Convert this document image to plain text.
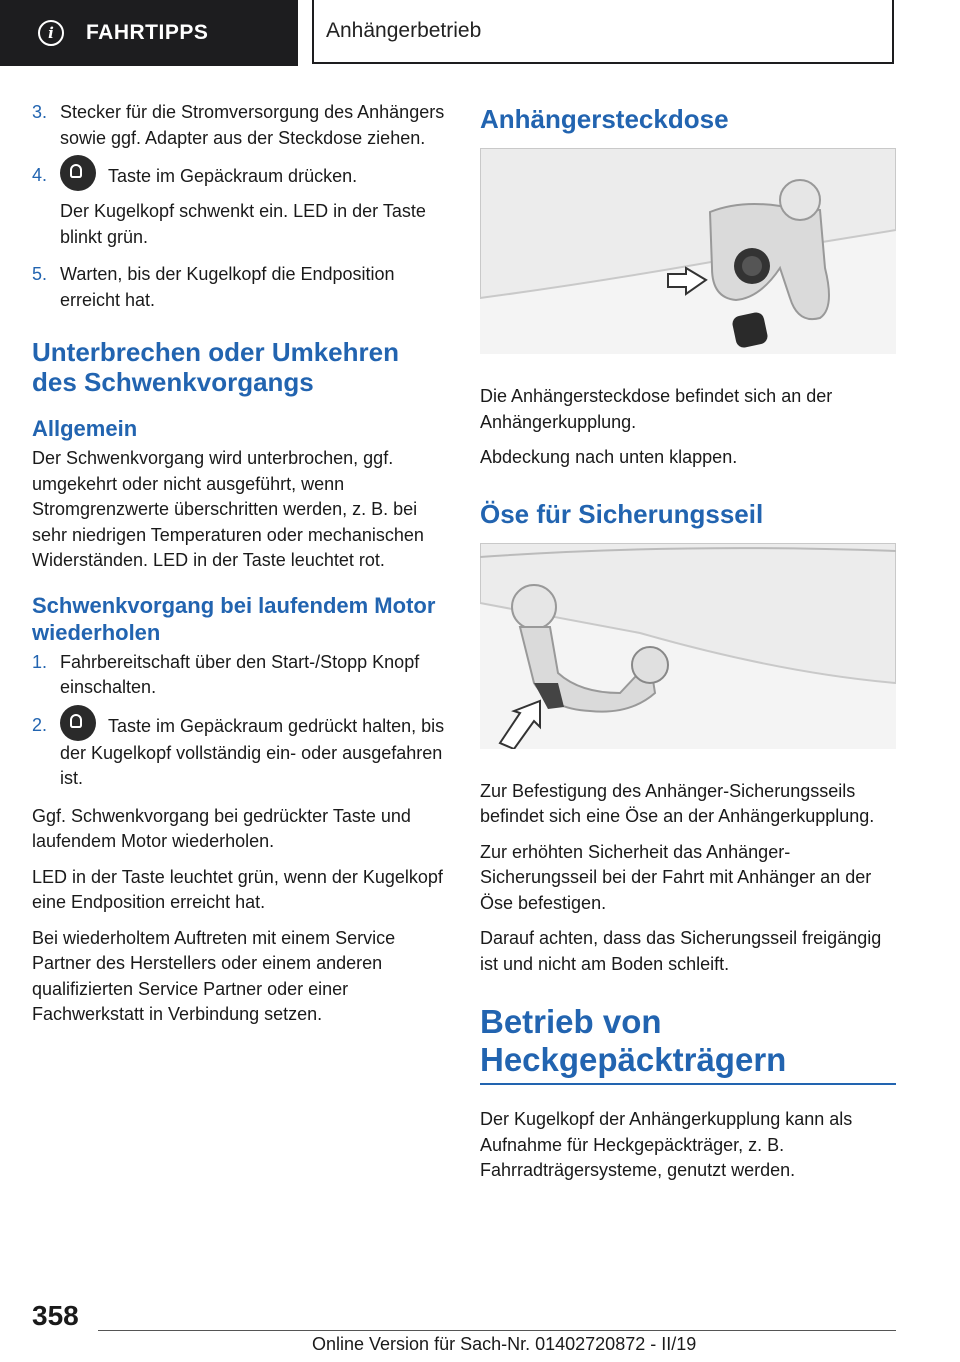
i	FAHRTIPPS	Anhängerbetrieb
3. Stecker für die Stromversorgung des Anhängers sowie ggf. Adapter aus der Steckdose ziehen.
4.	Taste im Gepäckraum drücken.
Der Kugelkopf schwenkt ein. LED in der Taste blinkt grün.
5. Warten, bis der Kugelkopf die Endposition erreicht hat.
Unterbrechen oder Umkehren des Schwenkvorgangs
Allgemein

Der Schwenkvorgang wird unterbrochen, ggf. umgekehrt oder nicht ausgeführt, wenn Stromgrenzwerte überschritten werden, z. B. bei sehr niedrigen Temperaturen oder mechanischen Widerständen. LED in der Taste leuchtet rot.

Schwenkvorgang bei laufendem Motor wiederholen
1. Fahrbereitschaft über den Start-/Stopp Knopf einschalten.
2.	Taste im Gepäckraum gedrückt halten, bis der Kugelkopf vollständig ein- oder ausgefahren ist.

Ggf. Schwenkvorgang bei gedrückter Taste und laufendem Motor wiederholen.

LED in der Taste leuchtet grün, wenn der Kugelkopf eine Endposition erreicht hat.

Bei wiederholtem Auftreten mit einem Service Partner des Herstellers oder einem anderen qualifizierten Service Partner oder einer Fachwerkstatt in Verbindung setzen.

Anhängersteckdose

Die Anhängersteckdose befindet sich an der Anhängerkupplung.

Abdeckung nach unten klappen.

Öse für Sicherungsseil

Zur Befestigung des Anhänger-Sicherungsseils befindet sich eine Öse an der Anhängerkupplung.

Zur erhöhten Sicherheit das Anhänger-Sicherungsseil bei der Fahrt mit Anhänger an der Öse befestigen.

Darauf achten, dass das Sicherungsseil freigängig ist und nicht am Boden schleift.

Betrieb von Heckgepäckträgern

Der Kugelkopf der Anhängerkupplung kann als Aufnahme für Heckgepäckträger, z. B. Fahrradträgersysteme, genutzt werden.

358
Online Version für Sach-Nr. 01402720872 - II/19
